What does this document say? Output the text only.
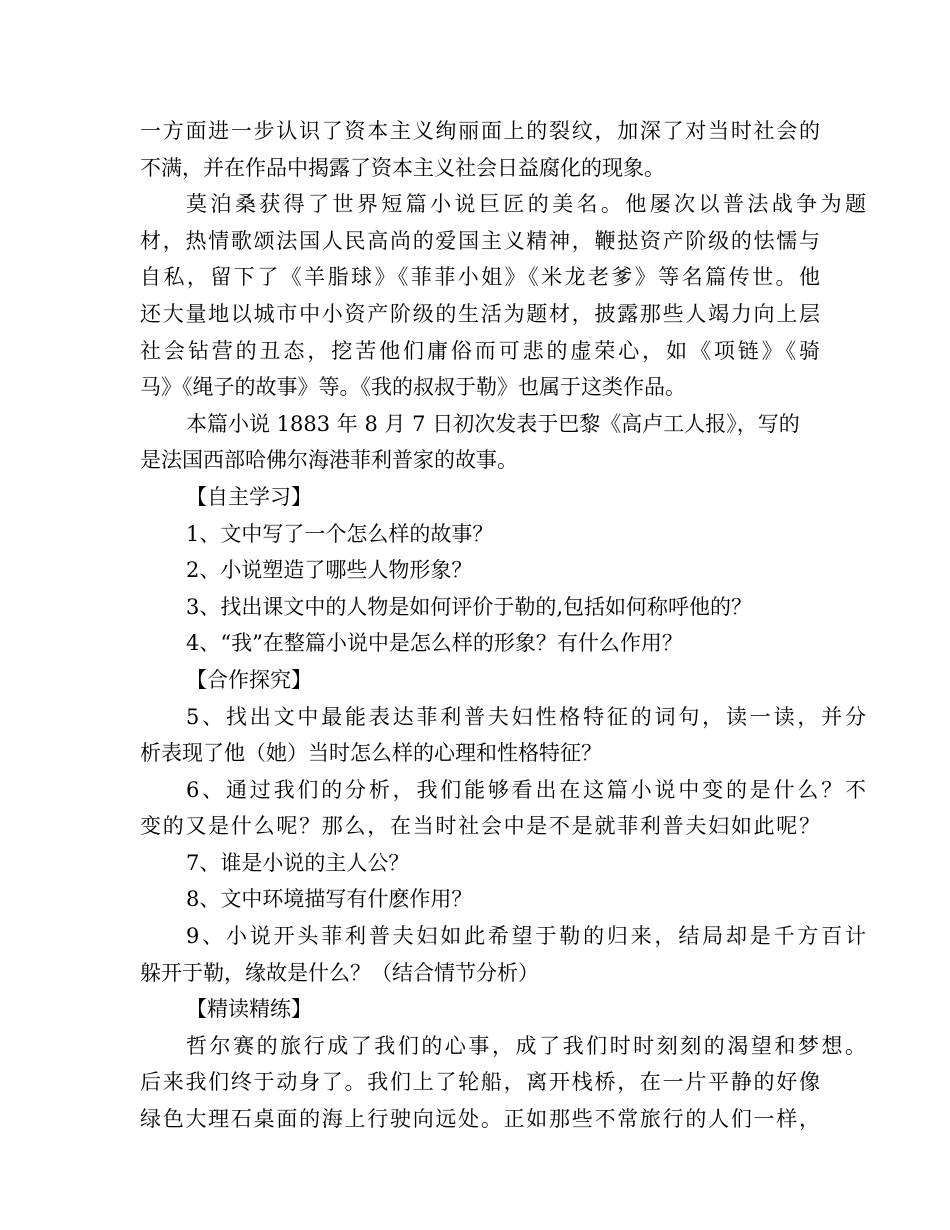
一方面进一步认识了资本主义绚丽面上的裂纹，加深了对当时社会的
不满，并在作品中揭露了资本主义社会日益腐化的现象。
莫泊桑获得了世界短篇小说巨匠的美名。他屡次以普法战争为题
材，热情歌颂法国人民高尚的爱国主义精神，鞭挞资产阶级的怯懦与
自私，留下了《羊脂球》《菲菲小姐》《米龙老爹》等名篇传世。他
还大量地以城市中小资产阶级的生活为题材，披露那些人竭力向上层
社会钻营的丑态，挖苦他们庸俗而可悲的虚荣心，如《项链》《骑
马》《绳子的故事》等。《我的叔叔于勒》也属于这类作品。
本篇小说 1883 年 8 月 7 日初次发表于巴黎《高卢工人报》，写的
是法国西部哈佛尔海港菲利普家的故事。
【自主学习】
1、文中写了一个怎么样的故事？
2、小说塑造了哪些人物形象？
3、找出课文中的人物是如何评价于勒的,包括如何称呼他的？
4、“我”在整篇小说中是怎么样的形象？有什么作用？
【合作探究】
5、找出文中最能表达菲利普夫妇性格特征的词句，读一读，并分
析表现了他（她）当时怎么样的心理和性格特征？
6、通过我们的分析，我们能够看出在这篇小说中变的是什么？不
变的又是什么呢？那么，在当时社会中是不是就菲利普夫妇如此呢？
7、谁是小说的主人公？
8、文中环境描写有什麽作用？
9、小说开头菲利普夫妇如此希望于勒的归来，结局却是千方百计
躲开于勒，缘故是什么？（结合情节分析）
【精读精练】
哲尔赛的旅行成了我们的心事，成了我们时时刻刻的渴望和梦想。
后来我们终于动身了。我们上了轮船，离开栈桥，在一片平静的好像
绿色大理石桌面的海上行驶向远处。正如那些不常旅行的人们一样，
